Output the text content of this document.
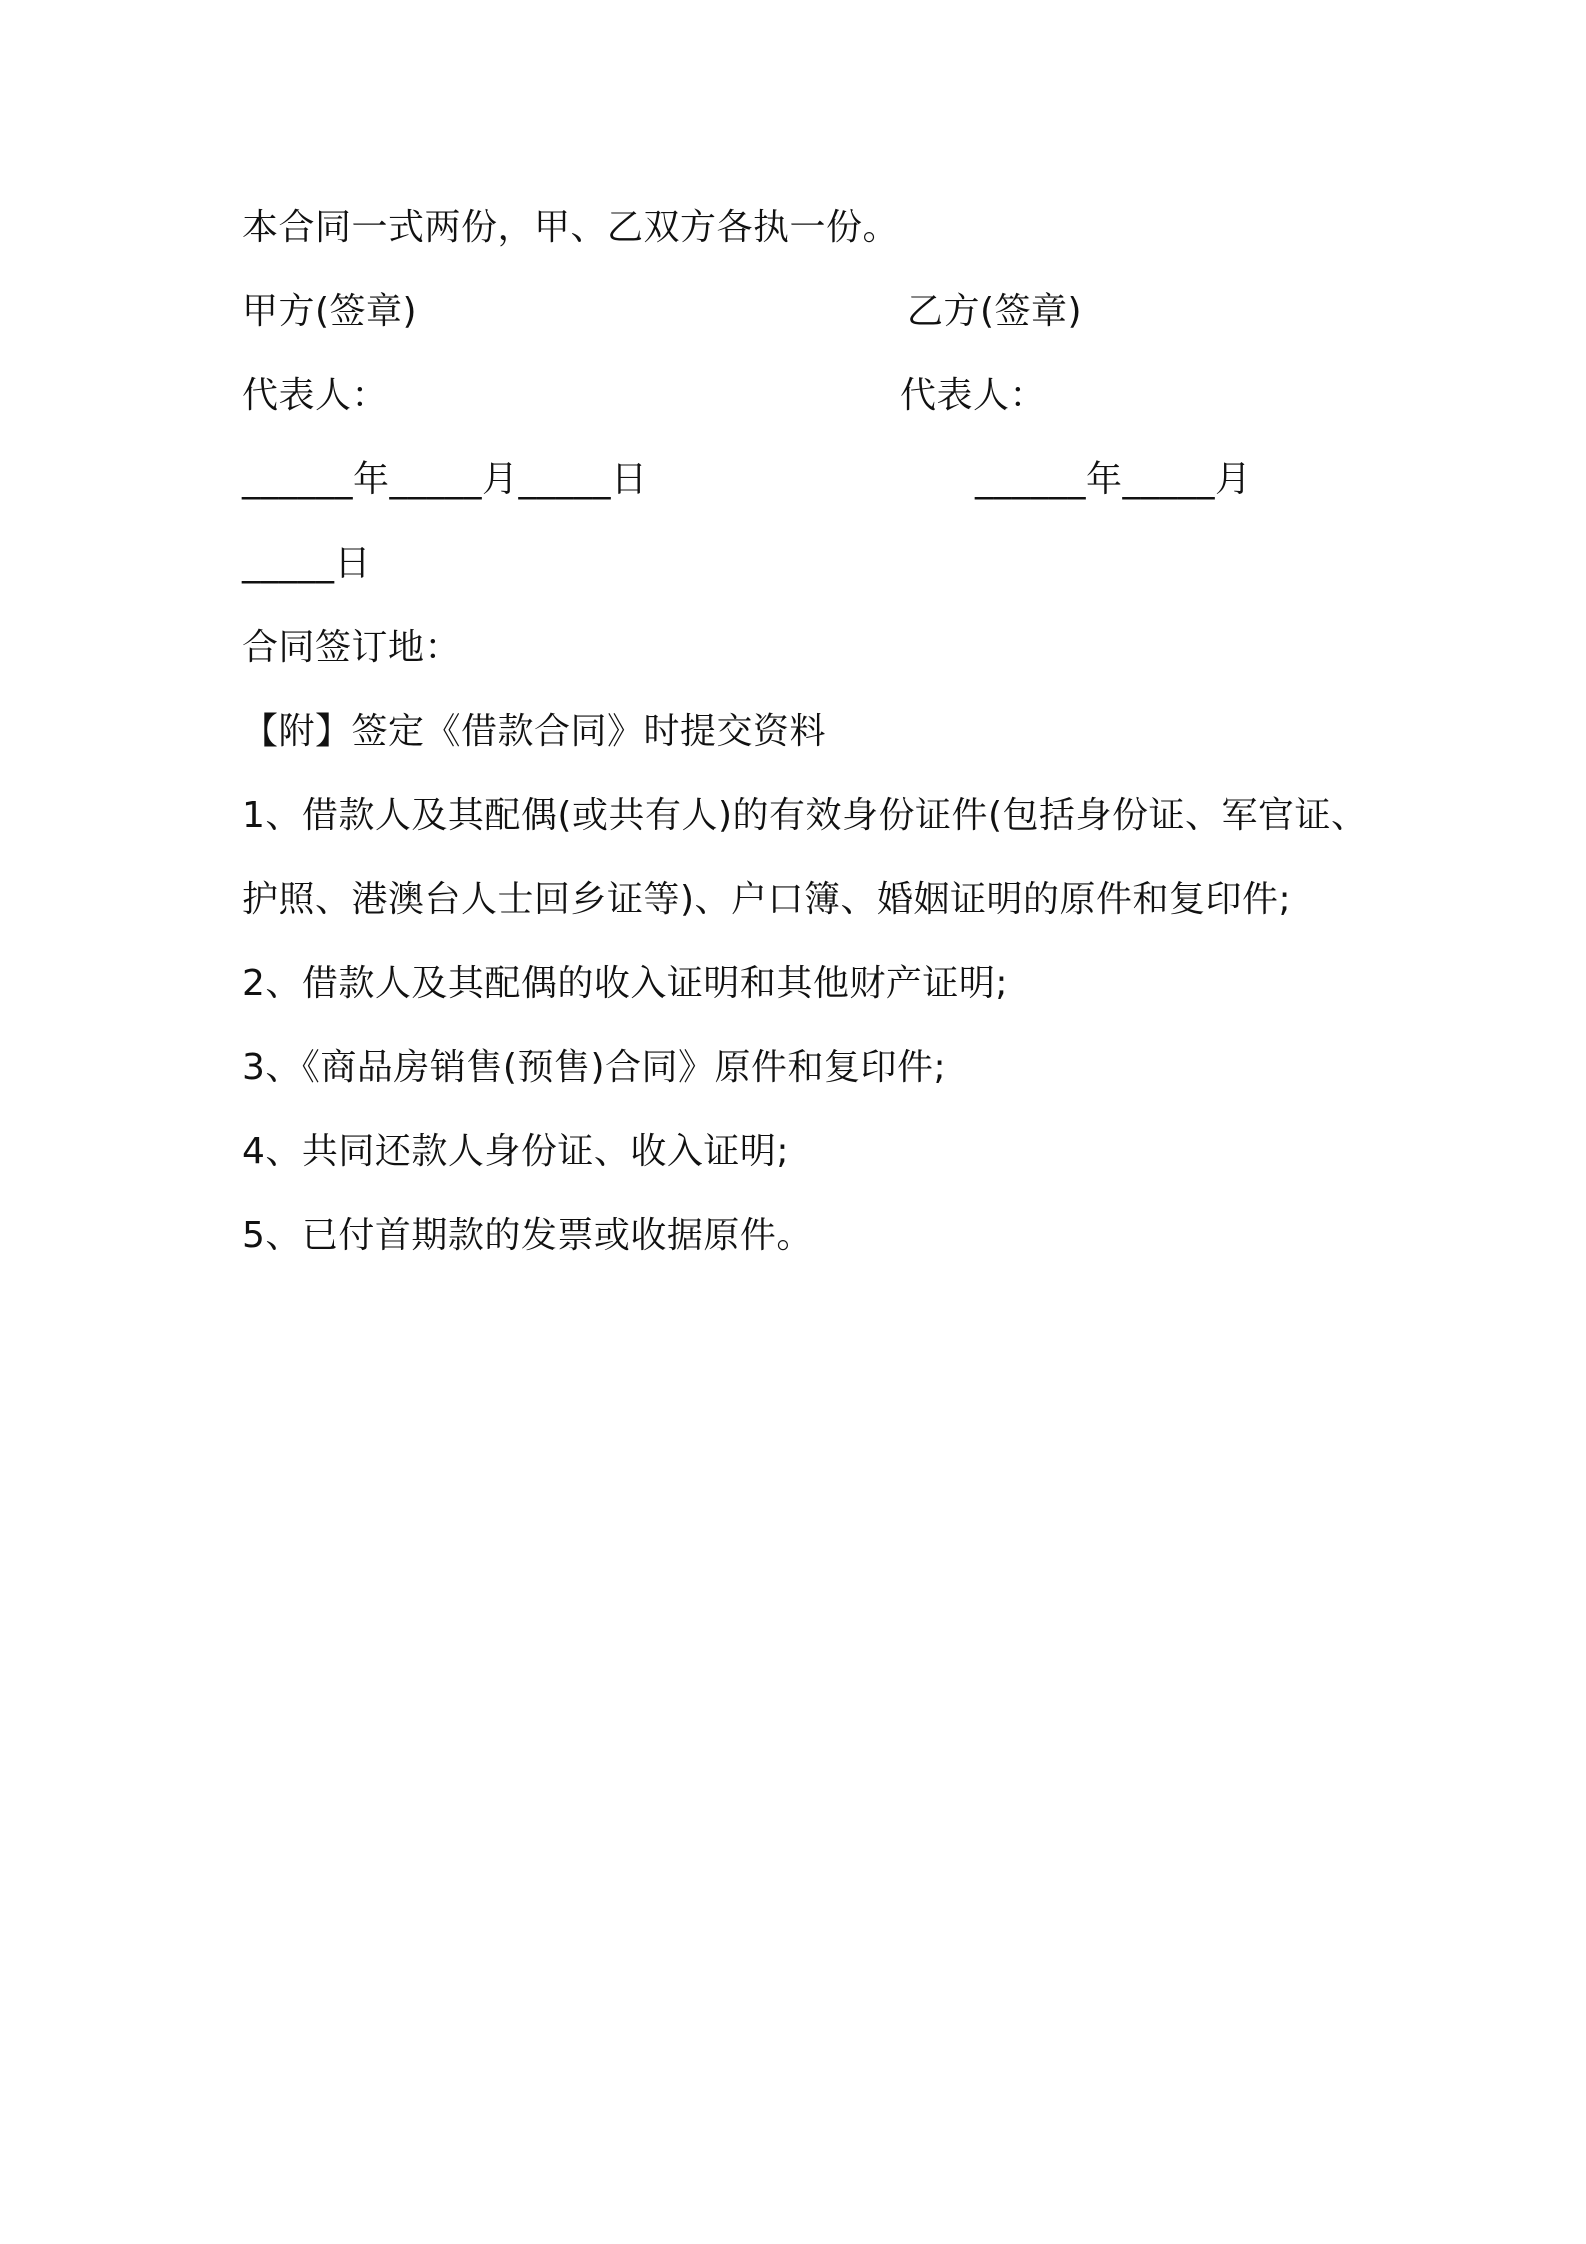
本合同一式两份，甲、乙双方各执一份。
甲方(签章)	乙方(签章)
代表人：	代表人：
______年_____月_____日	______年_____月
_____日
合同签订地：
【附】签定《借款合同》时提交资料
1、借款人及其配偶(或共有人)的有效身份证件(包括身份证、军官证、
护照、港澳台人士回乡证等)、户口簿、婚姻证明的原件和复印件;
2、借款人及其配偶的收入证明和其他财产证明;
3、《商品房销售(预售)合同》原件和复印件;
4、共同还款人身份证、收入证明;
5、已付首期款的发票或收据原件。
